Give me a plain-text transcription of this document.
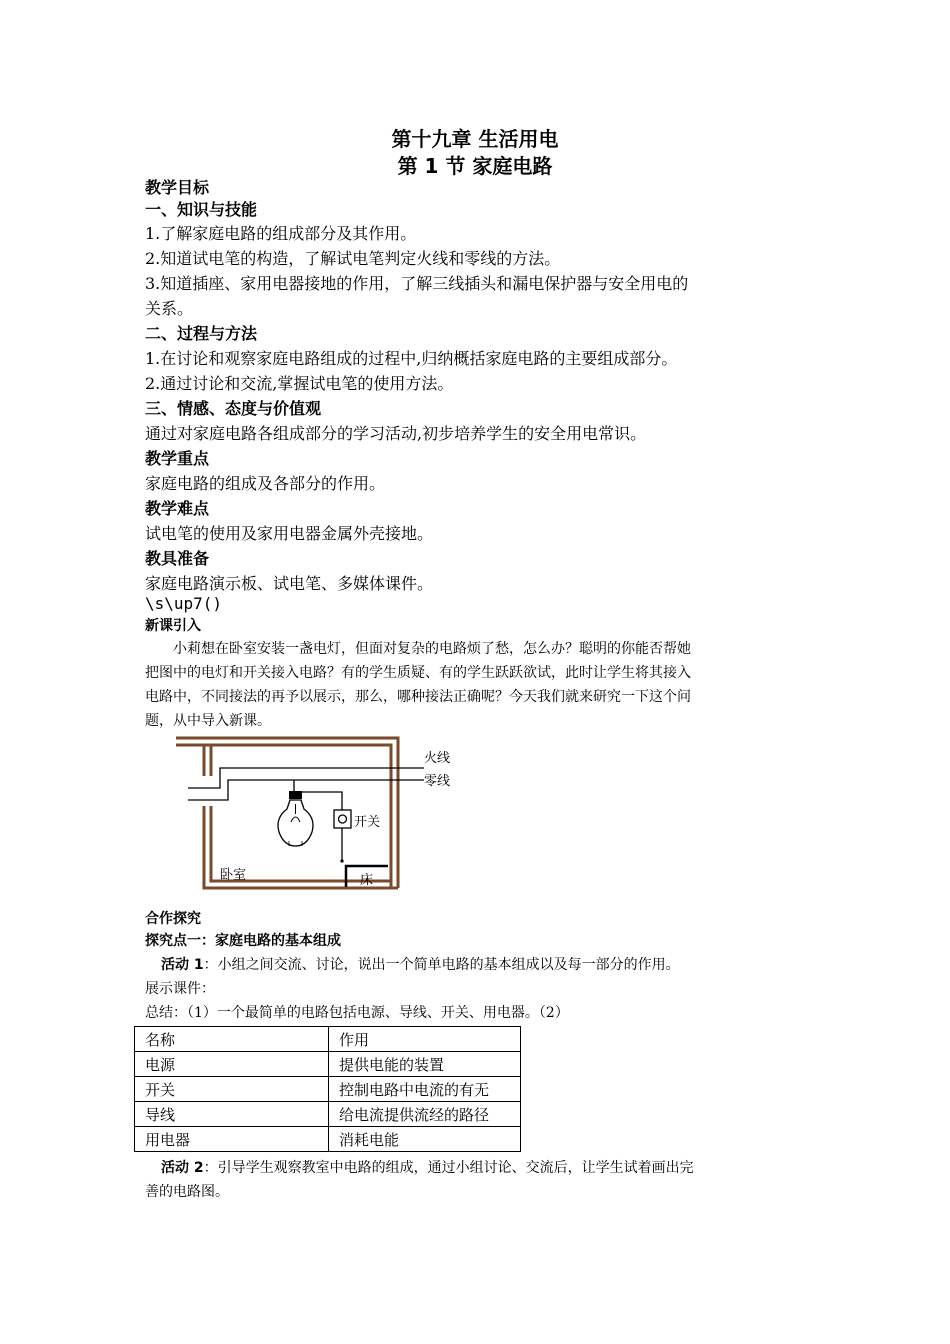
第十九章 生活用电
第 1 节 家庭电路
教学目标
一、知识与技能
1.了解家庭电路的组成部分及其作用。
2.知道试电笔的构造，了解试电笔判定火线和零线的方法。
3.知道插座、家用电器接地的作用，了解三线插头和漏电保护器与安全用电的
关系。
二、过程与方法
1.在讨论和观察家庭电路组成的过程中,归纳概括家庭电路的主要组成部分。
2.通过讨论和交流,掌握试电笔的使用方法。
三、情感、态度与价值观
通过对家庭电路各组成部分的学习活动,初步培养学生的安全用电常识。
教学重点
家庭电路的组成及各部分的作用。
教学难点
试电笔的使用及家用电器金属外壳接地。
教具准备
家庭电路演示板、试电笔、多媒体课件。
\s\up7()
新课引入
小莉想在卧室安装一盏电灯，但面对复杂的电路烦了愁，怎么办？聪明的你能否帮她
把图中的电灯和开关接入电路？有的学生质疑、有的学生跃跃欲试，此时让学生将其接入
电路中，不同接法的再予以展示，那么，哪种接法正确呢？今天我们就来研究一下这个问
题，从中导入新课。
火线
零线
开关
卧室	床
合作探究
探究点一：家庭电路的基本组成
活动 1：小组之间交流、讨论，说出一个简单电路的基本组成以及每一部分的作用。
展示课件：
总结：（1）一个最简单的电路包括电源、导线、开关、用电器。（2）
名称	作用
电源	提供电能的装置
开关	控制电路中电流的有无
导线	给电流提供流经的路径
用电器	消耗电能
活动 2：引导学生观察教室中电路的组成，通过小组讨论、交流后，让学生试着画出完
善的电路图。
